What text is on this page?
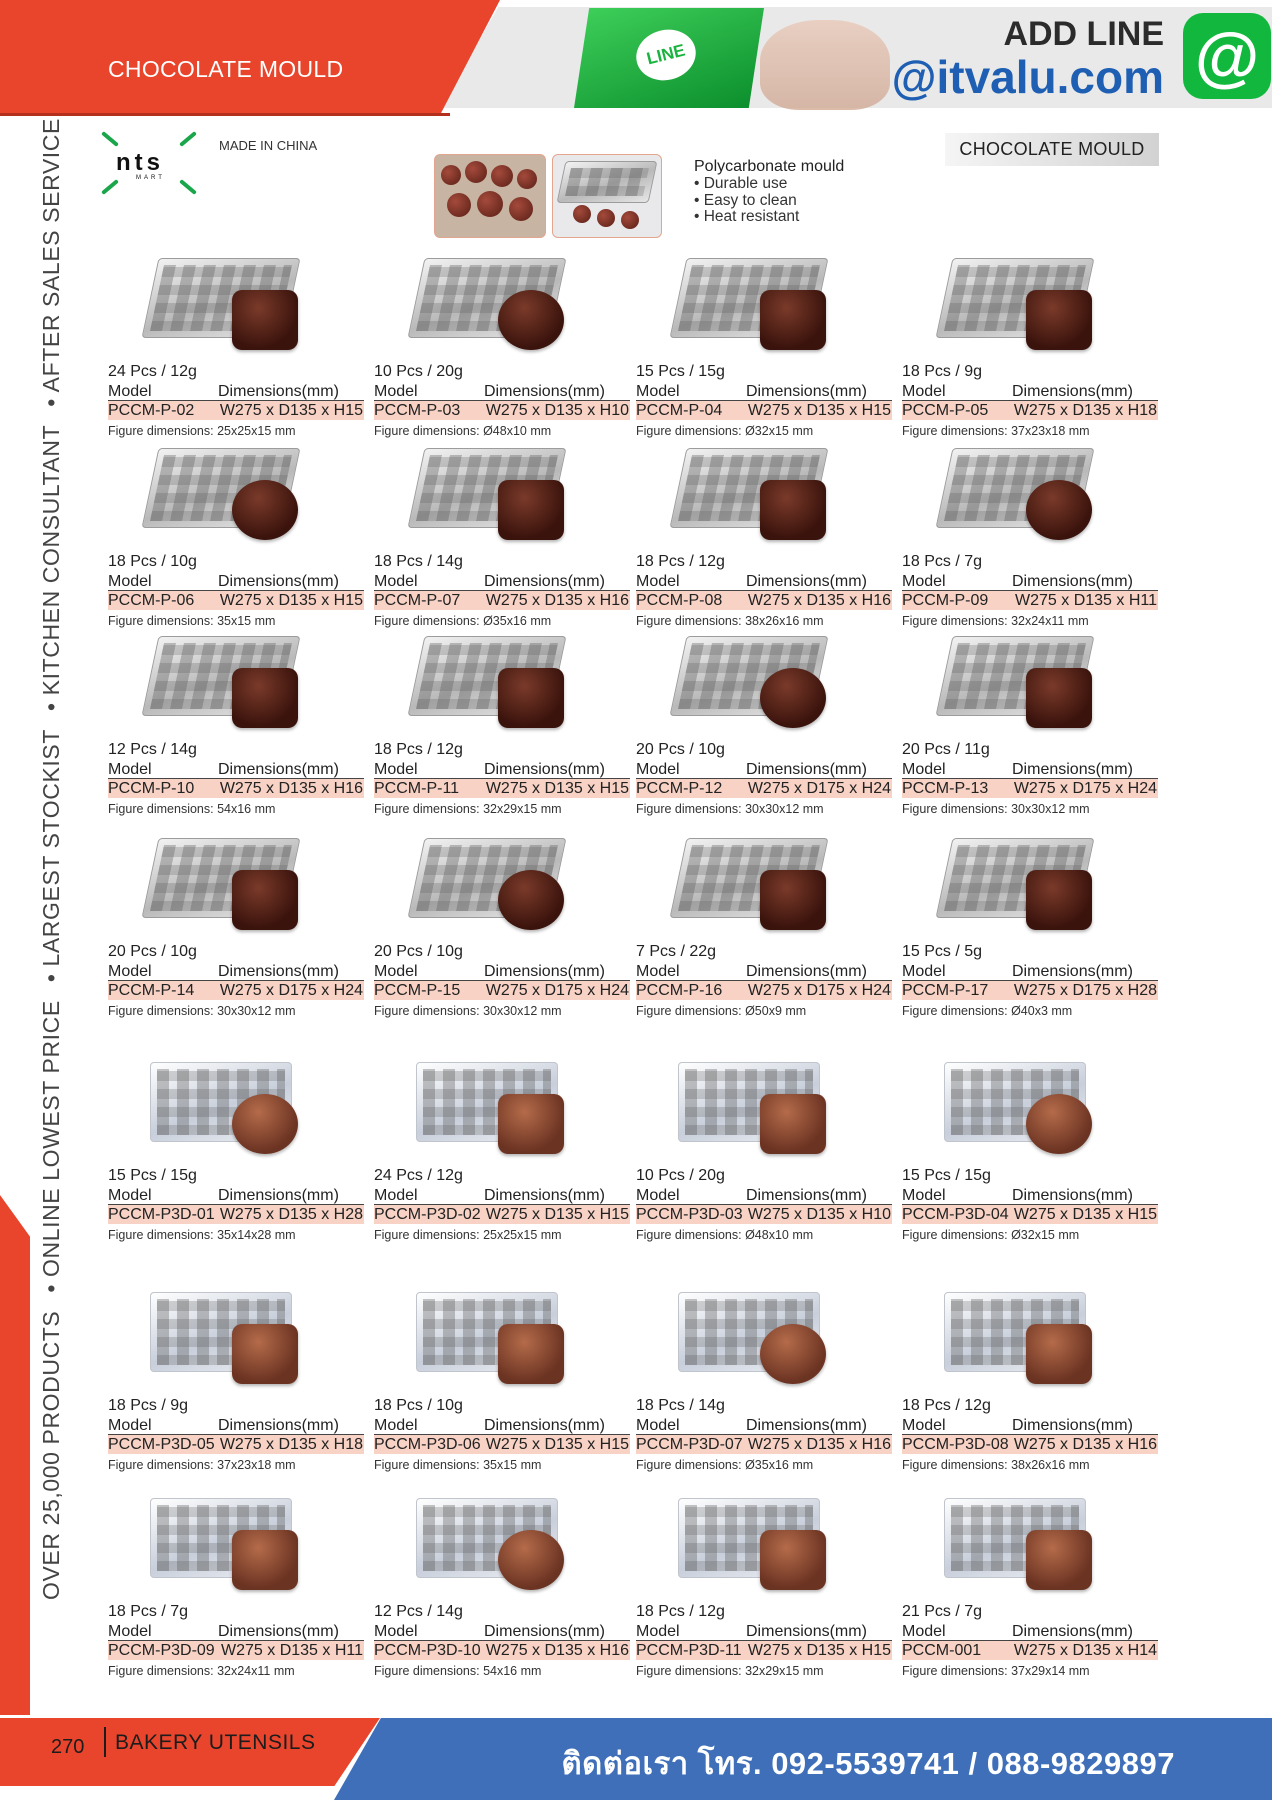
LINE
CHOCOLATE MOULD
ADD LINE
@itvalu.com @
OVER 25,000 PRODUCTS
• ONLINE LOWEST PRICE
• LARGEST STOCKIST
• KITCHEN CONSULTANT
• AFTER SALES SERVICE	nts
MART
MADE IN CHINA
Polycarbonate mould
• Durable use
• Easy to clean
• Heat resistant
CHOCOLATE MOULD
24 Pcs / 12g
Model	Dimensions(mm)
PCCM-P-02 W275 x D135 x H15
Figure dimensions: 25x25x15 mm
10 Pcs / 20g
Model	Dimensions(mm)
PCCM-P-03 W275 x D135 x H10
Figure dimensions: Ø48x10 mm
15 Pcs / 15g
Model	Dimensions(mm)
PCCM-P-04 W275 x D135 x H15
Figure dimensions: Ø32x15 mm
18 Pcs / 9g
Model	Dimensions(mm)
PCCM-P-05 W275 x D135 x H18
Figure dimensions: 37x23x18 mm
18 Pcs / 10g
Model	Dimensions(mm)
PCCM-P-06 W275 x D135 x H15
Figure dimensions: 35x15 mm
18 Pcs / 14g
Model	Dimensions(mm)
PCCM-P-07 W275 x D135 x H16
Figure dimensions: Ø35x16 mm
18 Pcs / 12g
Model	Dimensions(mm)
PCCM-P-08 W275 x D135 x H16
Figure dimensions: 38x26x16 mm
18 Pcs / 7g
Model	Dimensions(mm)
PCCM-P-09 W275 x D135 x H11
Figure dimensions: 32x24x11 mm
12 Pcs / 14g
Model	Dimensions(mm)
PCCM-P-10 W275 x D135 x H16
Figure dimensions: 54x16 mm
18 Pcs / 12g
Model	Dimensions(mm)
PCCM-P-11 W275 x D135 x H15
Figure dimensions: 32x29x15 mm
20 Pcs / 10g
Model	Dimensions(mm)
PCCM-P-12 W275 x D175 x H24
Figure dimensions: 30x30x12 mm
20 Pcs / 11g
Model	Dimensions(mm)
PCCM-P-13 W275 x D175 x H24
Figure dimensions: 30x30x12 mm
20 Pcs / 10g
Model	Dimensions(mm)
PCCM-P-14 W275 x D175 x H24
Figure dimensions: 30x30x12 mm
20 Pcs / 10g
Model	Dimensions(mm)
PCCM-P-15 W275 x D175 x H24
Figure dimensions: 30x30x12 mm
7 Pcs / 22g
Model	Dimensions(mm)
PCCM-P-16 W275 x D175 x H24
Figure dimensions: Ø50x9 mm
15 Pcs / 5g
Model	Dimensions(mm)
PCCM-P-17 W275 x D175 x H28
Figure dimensions: Ø40x3 mm
15 Pcs / 15g
Model	Dimensions(mm)
PCCM-P3D-01 W275 x D135 x H28
Figure dimensions: 35x14x28 mm
24 Pcs / 12g
Model	Dimensions(mm)
PCCM-P3D-02 W275 x D135 x H15
Figure dimensions: 25x25x15 mm
10 Pcs / 20g
Model	Dimensions(mm)
PCCM-P3D-03 W275 x D135 x H10
Figure dimensions: Ø48x10 mm
15 Pcs / 15g
Model	Dimensions(mm)
PCCM-P3D-04 W275 x D135 x H15
Figure dimensions: Ø32x15 mm
18 Pcs / 9g
Model	Dimensions(mm)
PCCM-P3D-05 W275 x D135 x H18
Figure dimensions: 37x23x18 mm
18 Pcs / 10g
Model	Dimensions(mm)
PCCM-P3D-06 W275 x D135 x H15
Figure dimensions: 35x15 mm
18 Pcs / 14g
Model	Dimensions(mm)
PCCM-P3D-07 W275 x D135 x H16
Figure dimensions: Ø35x16 mm
18 Pcs / 12g
Model	Dimensions(mm)
PCCM-P3D-08 W275 x D135 x H16
Figure dimensions: 38x26x16 mm
18 Pcs / 7g
Model	Dimensions(mm)
PCCM-P3D-09 W275 x D135 x H11
Figure dimensions: 32x24x11 mm
12 Pcs / 14g
Model	Dimensions(mm)
PCCM-P3D-10 W275 x D135 x H16
Figure dimensions: 54x16 mm
18 Pcs / 12g
Model	Dimensions(mm)
PCCM-P3D-11 W275 x D135 x H15
Figure dimensions: 32x29x15 mm
21 Pcs / 7g
Model	Dimensions(mm)
PCCM-001 W275 x D135 x H14
Figure dimensions: 37x29x14 mm
270 BAKERY UTENSILS
ติดต่อเรา โทร. 092-5539741 / 088-9829897
